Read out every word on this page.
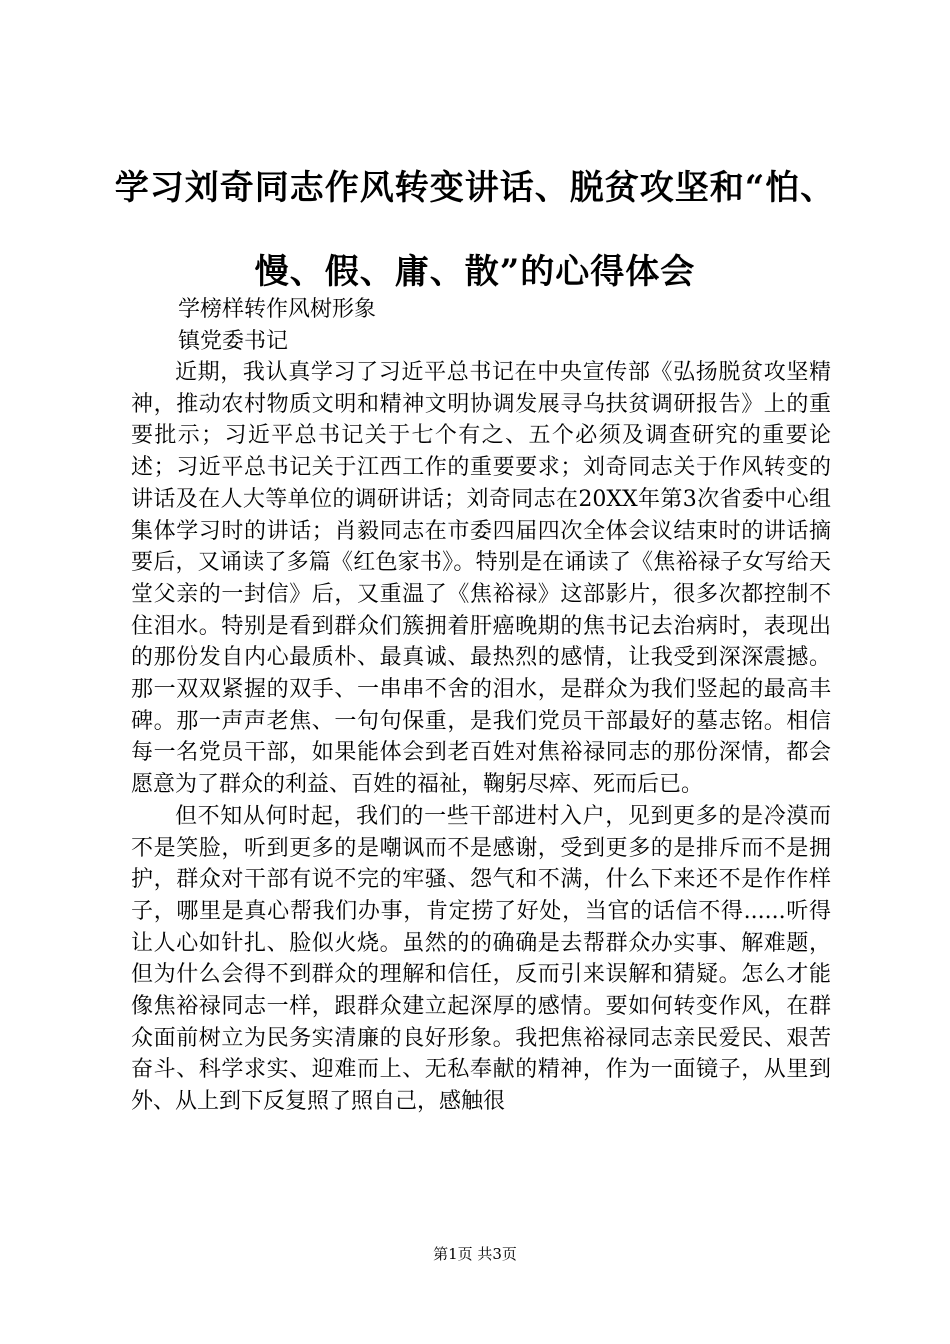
学习刘奇同志作风转变讲话、脱贫攻坚和“怕、
慢、假、庸、散”的心得体会

学榜样转作风树形象

镇党委书记

近期，我认真学习了习近平总书记在中央宣传部《弘扬脱贫攻坚精神，推动农村物质文明和精神文明协调发展寻乌扶贫调研报告》上的重要批示；习近平总书记关于七个有之、五个必须及调查研究的重要论述；习近平总书记关于江西工作的重要要求；刘奇同志关于作风转变的讲话及在人大等单位的调研讲话；刘奇同志在20XX年第3次省委中心组集体学习时的讲话；肖毅同志在市委四届四次全体会议结束时的讲话摘要后，又诵读了多篇《红色家书》。特别是在诵读了《焦裕禄子女写给天堂父亲的一封信》后，又重温了《焦裕禄》这部影片，很多次都控制不住泪水。特别是看到群众们簇拥着肝癌晚期的焦书记去治病时，表现出的那份发自内心最质朴、最真诚、最热烈的感情，让我受到深深震撼。那一双双紧握的双手、一串串不舍的泪水，是群众为我们竖起的最高丰碑。那一声声老焦、一句句保重，是我们党员干部最好的墓志铭。相信每一名党员干部，如果能体会到老百姓对焦裕禄同志的那份深情，都会愿意为了群众的利益、百姓的福祉，鞠躬尽瘁、死而后已。

但不知从何时起，我们的一些干部进村入户，见到更多的是冷漠而不是笑脸，听到更多的是嘲讽而不是感谢，受到更多的是排斥而不是拥护，群众对干部有说不完的牢骚、怨气和不满，什么下来还不是作作样子，哪里是真心帮我们办事，肯定捞了好处，当官的话信不得......听得让人心如针扎、脸似火烧。虽然的的确确是去帮群众办实事、解难题，但为什么会得不到群众的理解和信任，反而引来误解和猜疑。怎么才能像焦裕禄同志一样，跟群众建立起深厚的感情。要如何转变作风，在群众面前树立为民务实清廉的良好形象。我把焦裕禄同志亲民爱民、艰苦奋斗、科学求实、迎难而上、无私奉献的精神，作为一面镜子，从里到外、从上到下反复照了照自己，感触很

第1页 共3页
